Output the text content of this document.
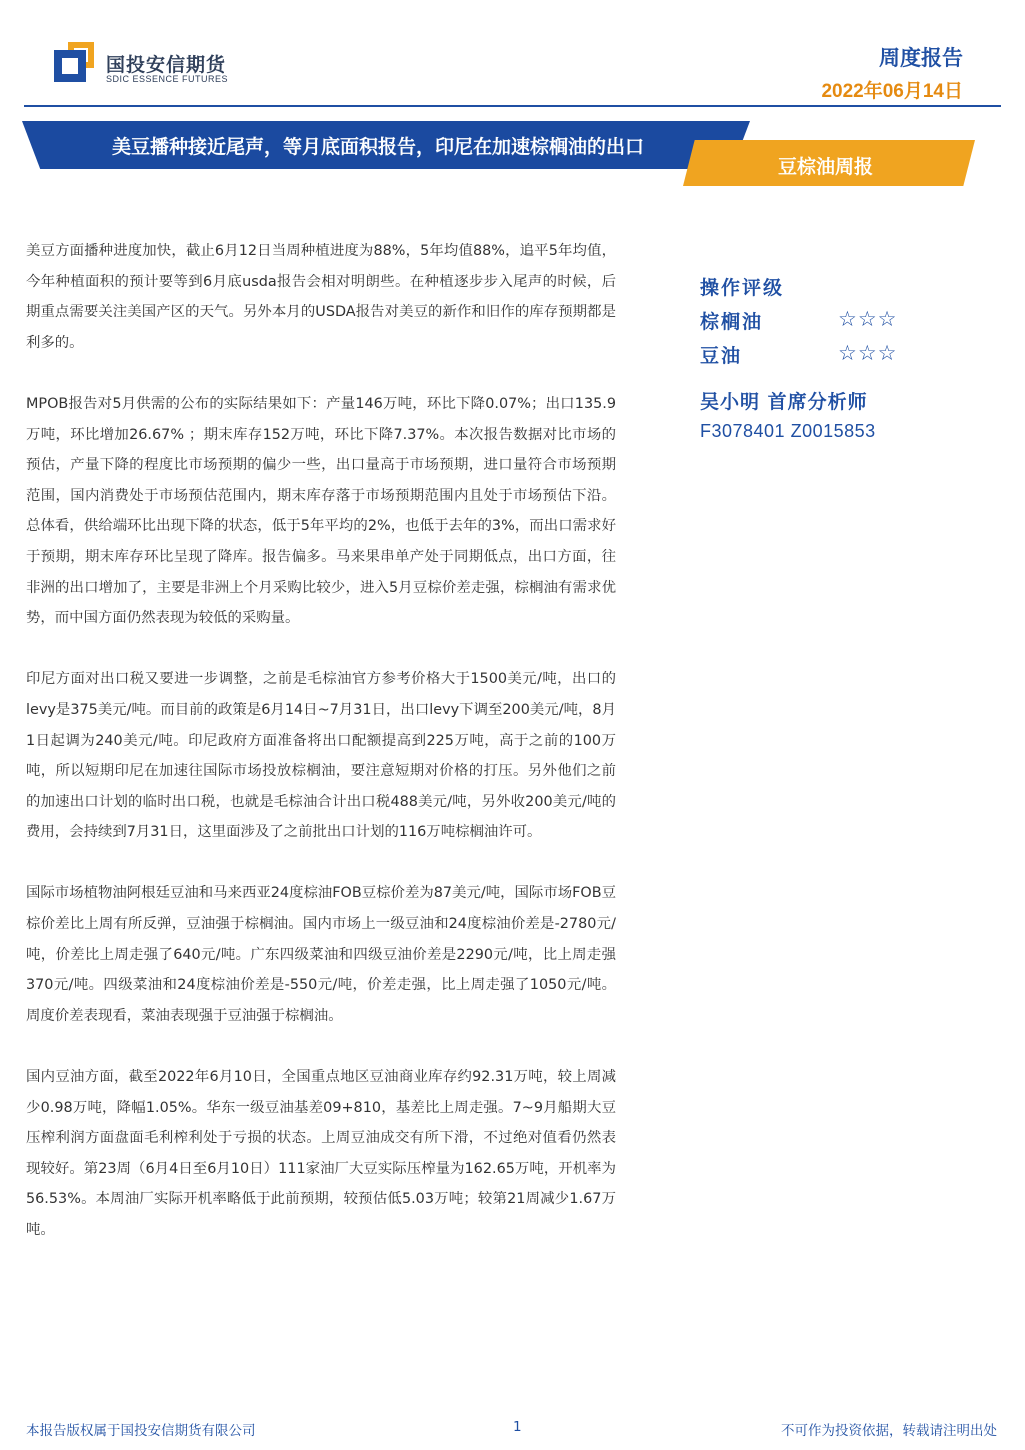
国投安信期货
SDIC ESSENCE FUTURES
周度报告
2022年06月14日
美豆播种接近尾声，等月底面积报告，印尼在加速棕榈油的出口
豆棕油周报

美豆方面播种进度加快，截止6月12日当周种植进度为88%，5年均值88%，追平5年均值，今年种植面积的预计要等到6月底usda报告会相对明朗些。在种植逐步步入尾声的时候，后期重点需要关注美国产区的天气。另外本月的USDA报告对美豆的新作和旧作的库存预期都是利多的。

MPOB报告对5月供需的公布的实际结果如下：产量146万吨，环比下降0.07%；出口135.9万吨，环比增加26.67% ；期末库存152万吨，环比下降7.37%。本次报告数据对比市场的预估，产量下降的程度比市场预期的偏少一些，出口量高于市场预期，进口量符合市场预期范围，国内消费处于市场预估范围内，期末库存落于市场预期范围内且处于市场预估下沿。总体看，供给端环比出现下降的状态，低于5年平均的2%，也低于去年的3%，而出口需求好于预期，期末库存环比呈现了降库。报告偏多。马来果串单产处于同期低点，出口方面，往非洲的出口增加了，主要是非洲上个月采购比较少，进入5月豆棕价差走强，棕榈油有需求优势，而中国方面仍然表现为较低的采购量。

印尼方面对出口税又要进一步调整，之前是毛棕油官方参考价格大于1500美元/吨，出口的levy是375美元/吨。而目前的政策是6月14日~7月31日，出口levy下调至200美元/吨，8月1日起调为240美元/吨。印尼政府方面准备将出口配额提高到225万吨，高于之前的100万吨，所以短期印尼在加速往国际市场投放棕榈油，要注意短期对价格的打压。另外他们之前的加速出口计划的临时出口税，也就是毛棕油合计出口税488美元/吨，另外收200美元/吨的费用，会持续到7月31日，这里面涉及了之前批出口计划的116万吨棕榈油许可。

国际市场植物油阿根廷豆油和马来西亚24度棕油FOB豆棕价差为87美元/吨，国际市场FOB豆棕价差比上周有所反弹，豆油强于棕榈油。国内市场上一级豆油和24度棕油价差是-2780元/吨，价差比上周走强了640元/吨。广东四级菜油和四级豆油价差是2290元/吨，比上周走强370元/吨。四级菜油和24度棕油价差是-550元/吨，价差走强，比上周走强了1050元/吨。周度价差表现看，菜油表现强于豆油强于棕榈油。

国内豆油方面，截至2022年6月10日，全国重点地区豆油商业库存约92.31万吨，较上周减少0.98万吨，降幅1.05%。华东一级豆油基差09+810，基差比上周走强。7~9月船期大豆压榨利润方面盘面毛利榨利处于亏损的状态。上周豆油成交有所下滑，不过绝对值看仍然表现较好。第23周（6月4日至6月10日）111家油厂大豆实际压榨量为162.65万吨，开机率为56.53%。本周油厂实际开机率略低于此前预期，较预估低5.03万吨；较第21周减少1.67万吨。

操作评级
棕榈油	☆☆☆
豆油	☆☆☆
吴小明 首席分析师
F3078401 Z0015853
本报告版权属于国投安信期货有限公司	1	不可作为投资依据，转载请注明出处
